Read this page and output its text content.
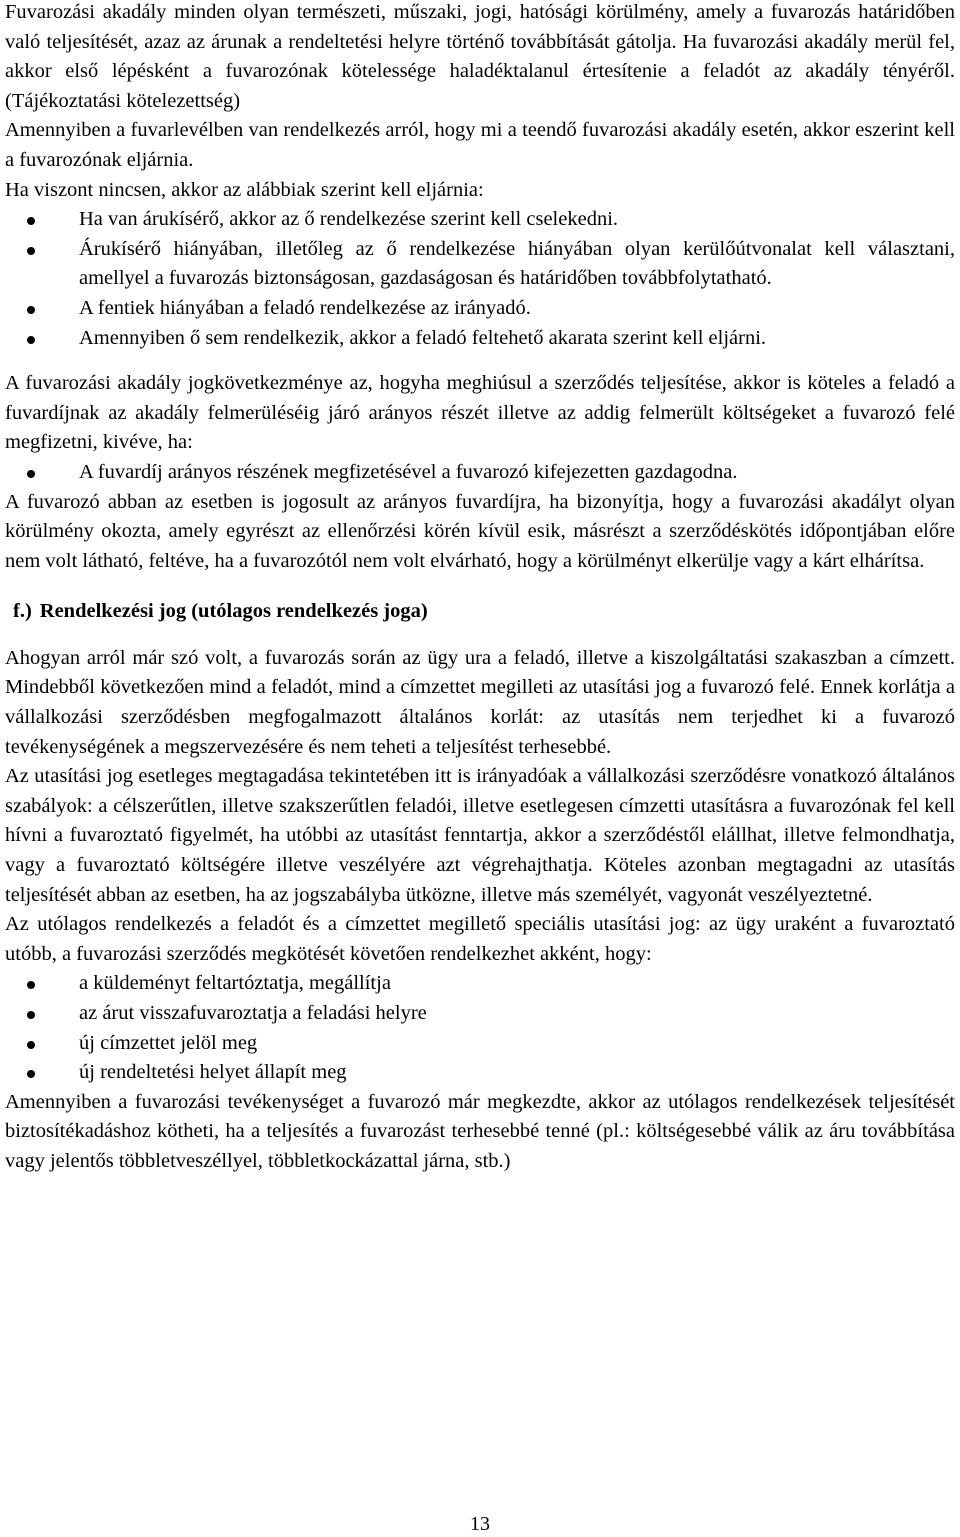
Fuvarozási akadály minden olyan természeti, műszaki, jogi, hatósági körülmény, amely a fuvarozás határidőben való teljesítését, azaz az árunak a rendeltetési helyre történő továbbítását gátolja. Ha fuvarozási akadály merül fel, akkor első lépésként a fuvarozónak kötelessége haladéktalanul értesítenie a feladót az akadály tényéről. (Tájékoztatási kötelezettség)

Amennyiben a fuvarlevélben van rendelkezés arról, hogy mi a teendő fuvarozási akadály esetén, akkor eszerint kell a fuvarozónak eljárnia.

Ha viszont nincsen, akkor az alábbiak szerint kell eljárnia:

Ha van árukísérő, akkor az ő rendelkezése szerint kell cselekedni.
Árukísérő hiányában, illetőleg az ő rendelkezése hiányában olyan kerülőútvonalat kell választani, amellyel a fuvarozás biztonságosan, gazdaságosan és határidőben továbbfolytatható.
A fentiek hiányában a feladó rendelkezése az irányadó.
Amennyiben ő sem rendelkezik, akkor a feladó feltehető akarata szerint kell eljárni.

A fuvarozási akadály jogkövetkezménye az, hogyha meghiúsul a szerződés teljesítése, akkor is köteles a feladó a fuvardíjnak az akadály felmerüléséig járó arányos részét illetve az addig felmerült költségeket a fuvarozó felé megfizetni, kivéve, ha:

A fuvardíj arányos részének megfizetésével a fuvarozó kifejezetten gazdagodna.

A fuvarozó abban az esetben is jogosult az arányos fuvardíjra, ha bizonyítja, hogy a fuvarozási akadályt olyan körülmény okozta, amely egyrészt az ellenőrzési körén kívül esik, másrészt a szerződéskötés időpontjában előre nem volt látható, feltéve, ha a fuvarozótól nem volt elvárható, hogy a körülményt elkerülje vagy a kárt elhárítsa.

f.) Rendelkezési jog (utólagos rendelkezés joga)

Ahogyan arról már szó volt, a fuvarozás során az ügy ura a feladó, illetve a kiszolgáltatási szakaszban a címzett. Mindebből következően mind a feladót, mind a címzettet megilleti az utasítási jog a fuvarozó felé. Ennek korlátja a vállalkozási szerződésben megfogalmazott általános korlát: az utasítás nem terjedhet ki a fuvarozó tevékenységének a megszervezésére és nem teheti a teljesítést terhesebbé.

Az utasítási jog esetleges megtagadása tekintetében itt is irányadóak a vállalkozási szerződésre vonatkozó általános szabályok: a célszerűtlen, illetve szakszerűtlen feladói, illetve esetlegesen címzetti utasításra a fuvarozónak fel kell hívni a fuvaroztató figyelmét, ha utóbbi az utasítást fenntartja, akkor a szerződéstől elállhat, illetve felmondhatja, vagy a fuvaroztató költségére illetve veszélyére azt végrehajthatja. Köteles azonban megtagadni az utasítás teljesítését abban az esetben, ha az jogszabályba ütközne, illetve más személyét, vagyonát veszélyeztetné.

Az utólagos rendelkezés a feladót és a címzettet megillető speciális utasítási jog: az ügy uraként a fuvaroztató utóbb, a fuvarozási szerződés megkötését követően rendelkezhet akként, hogy:

a küldeményt feltartóztatja, megállítja
az árut visszafuvaroztatja a feladási helyre
új címzettet jelöl meg
új rendeltetési helyet állapít meg

Amennyiben a fuvarozási tevékenységet a fuvarozó már megkezdte, akkor az utólagos rendelkezések teljesítését biztosítékadáshoz kötheti, ha a teljesítés a fuvarozást terhesebbé tenné (pl.: költségesebbé válik az áru továbbítása vagy jelentős többletveszéllyel, többletkockázattal járna, stb.)

13
